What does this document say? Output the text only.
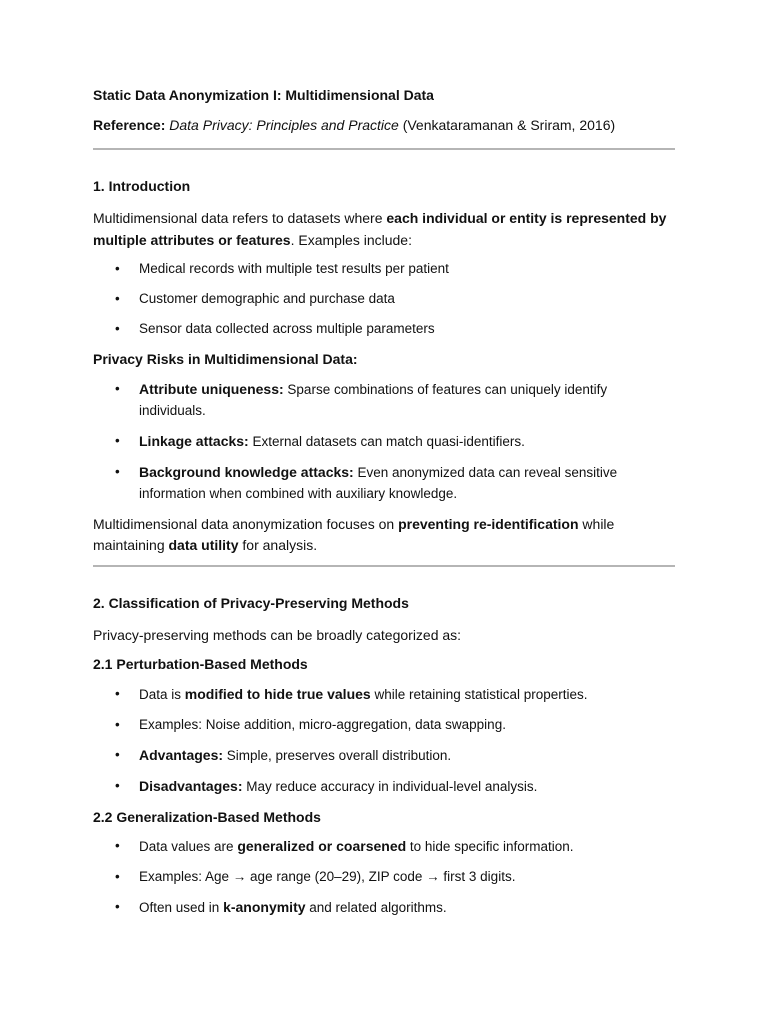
Static Data Anonymization I: Multidimensional Data

Reference: Data Privacy: Principles and Practice (Venkataramanan & Sriram, 2016)

1. Introduction

Multidimensional data refers to datasets where each individual or entity is represented by multiple attributes or features. Examples include:

• Medical records with multiple test results per patient
• Customer demographic and purchase data
• Sensor data collected across multiple parameters
Privacy Risks in Multidimensional Data:
• Attribute uniqueness: Sparse combinations of features can uniquely identify individuals.
• Linkage attacks: External datasets can match quasi-identifiers.
• Background knowledge attacks: Even anonymized data can reveal sensitive information when combined with auxiliary knowledge.

Multidimensional data anonymization focuses on preventing re-identification while maintaining data utility for analysis.

2. Classification of Privacy-Preserving Methods

Privacy-preserving methods can be broadly categorized as:

2.1 Perturbation-Based Methods
• Data is modified to hide true values while retaining statistical properties.
• Examples: Noise addition, micro-aggregation, data swapping.
• Advantages: Simple, preserves overall distribution.
• Disadvantages: May reduce accuracy in individual-level analysis.
2.2 Generalization-Based Methods
• Data values are generalized or coarsened to hide specific information.
• Examples: Age → age range (20–29), ZIP code → first 3 digits.
• Often used in k-anonymity and related algorithms.
